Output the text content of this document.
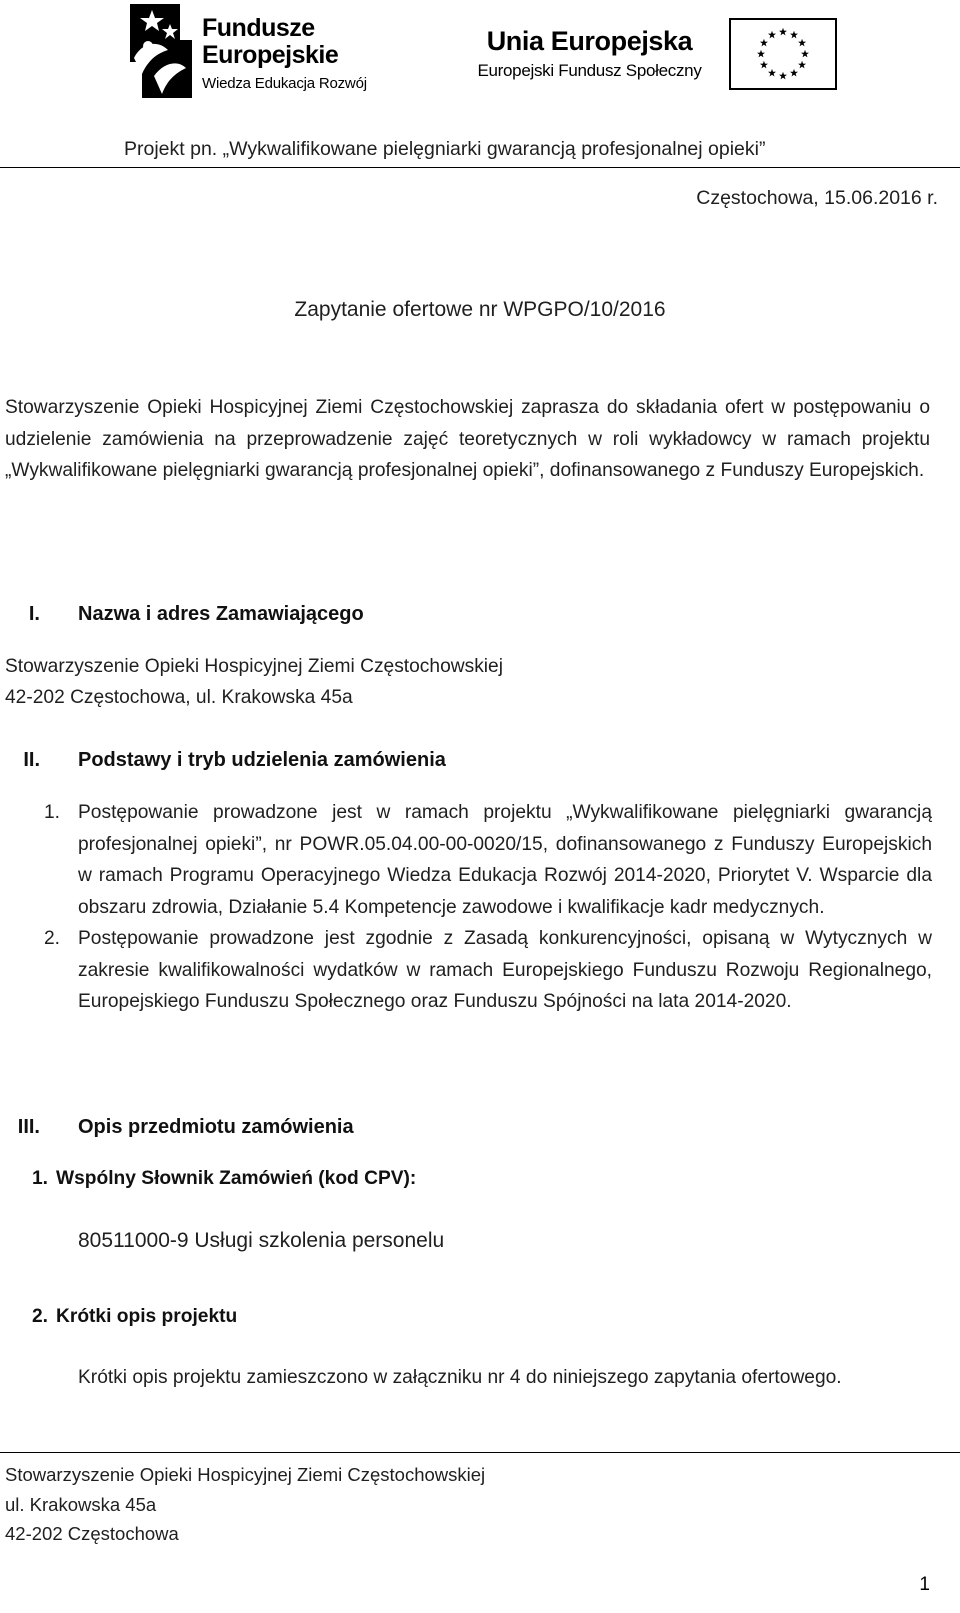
Fundusze
Europejskie
Wiedza Edukacja Rozwój
Unia Europejska
Europejski Fundusz Społeczny
Projekt pn. „Wykwalifikowane pielęgniarki gwarancją profesjonalnej opieki”
Częstochowa, 15.06.2016 r.
Zapytanie ofertowe nr WPGPO/10/2016
Stowarzyszenie Opieki Hospicyjnej Ziemi Częstochowskiej zaprasza do składania ofert w postępowaniu o udzielenie zamówienia na przeprowadzenie zajęć teoretycznych w roli wykładowcy w ramach projektu „Wykwalifikowane pielęgniarki gwarancją profesjonalnej opieki”, dofinansowanego z Funduszy Europejskich.
I. Nazwa i adres Zamawiającego
Stowarzyszenie Opieki Hospicyjnej Ziemi Częstochowskiej
42-202 Częstochowa, ul. Krakowska 45a
II. Podstawy i tryb udzielenia zamówienia
1. Postępowanie prowadzone jest w ramach projektu „Wykwalifikowane pielęgniarki gwarancją profesjonalnej opieki”, nr POWR.05.04.00-00-0020/15, dofinansowanego z Funduszy Europejskich w ramach Programu Operacyjnego Wiedza Edukacja Rozwój 2014-2020, Priorytet V. Wsparcie dla obszaru zdrowia, Działanie 5.4 Kompetencje zawodowe i kwalifikacje kadr medycznych.
2. Postępowanie prowadzone jest zgodnie z Zasadą konkurencyjności, opisaną w Wytycznych w zakresie kwalifikowalności wydatków w ramach Europejskiego Funduszu Rozwoju Regionalnego, Europejskiego Funduszu Społecznego oraz Funduszu Spójności na lata 2014-2020.
III. Opis przedmiotu zamówienia
1. Wspólny Słownik Zamówień (kod CPV):
80511000-9 Usługi szkolenia personelu
2. Krótki opis projektu
Krótki opis projektu zamieszczono w załączniku nr 4 do niniejszego zapytania ofertowego.
Stowarzyszenie Opieki Hospicyjnej Ziemi Częstochowskiej
ul. Krakowska 45a
42-202 Częstochowa
1
